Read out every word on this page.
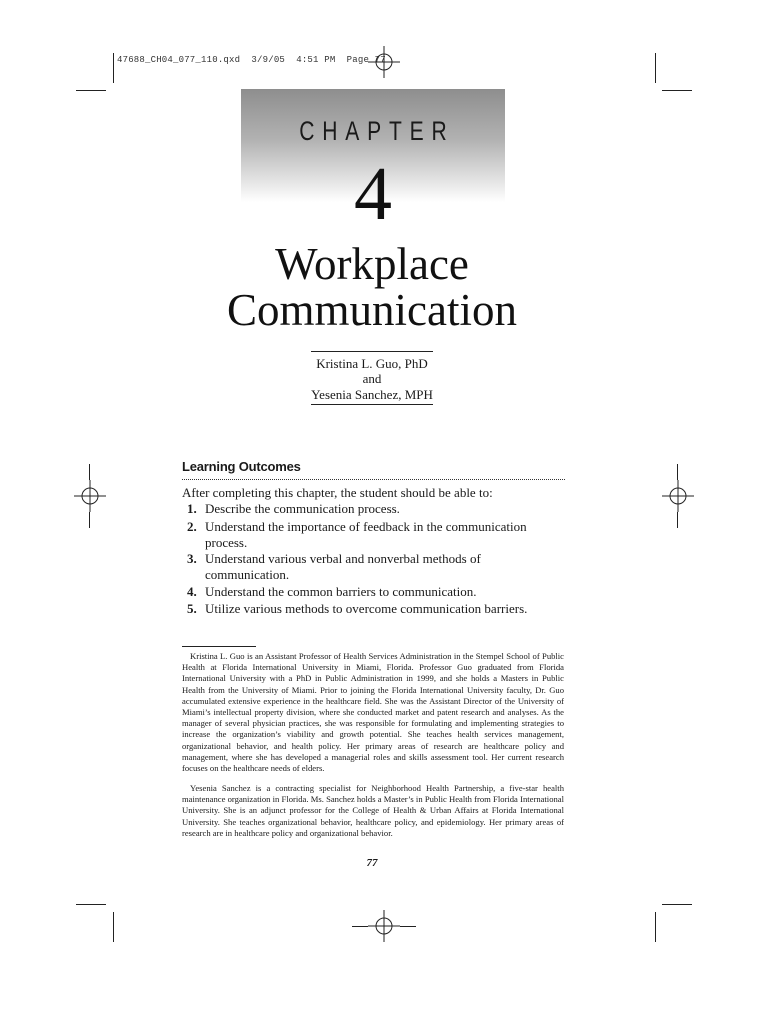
47688_CH04_077_110.qxd  3/9/05  4:51 PM  Page 77
CHAPTER
4
Workplace
Communication
Kristina L. Guo, PhD
and
Yesenia Sanchez, MPH
Learning Outcomes
After completing this chapter, the student should be able to:
1. Describe the communication process.
2. Understand the importance of feedback in the communication process.
3. Understand various verbal and nonverbal methods of communication.
4. Understand the common barriers to communication.
5. Utilize various methods to overcome communication barriers.
Kristina L. Guo is an Assistant Professor of Health Services Administration in the Stempel School of Public Health at Florida International University in Miami, Florida. Professor Guo graduated from Florida International University with a PhD in Public Administration in 1999, and she holds a Masters in Public Health from the University of Miami. Prior to joining the Florida International University faculty, Dr. Guo accumulated extensive experience in the healthcare field. She was the Assistant Director of the University of Miami’s intellectual property division, where she conducted market and patent research and analyses. As the manager of several physician practices, she was responsible for formulating and implementing strategies to increase the organization’s viability and growth potential. She teaches health services management, organizational behavior, and health policy. Her primary areas of research are healthcare policy and management, where she has developed a managerial roles and skills assessment tool. Her current research focuses on the healthcare needs of elders.
Yesenia Sanchez is a contracting specialist for Neighborhood Health Partnership, a five-star health maintenance organization in Florida. Ms. Sanchez holds a Master’s in Public Health from Florida International University. She is an adjunct professor for the College of Health & Urban Affairs at Florida International University. She teaches organizational behavior, healthcare policy, and epidemiology. Her primary areas of research are in healthcare policy and organizational behavior.
77
